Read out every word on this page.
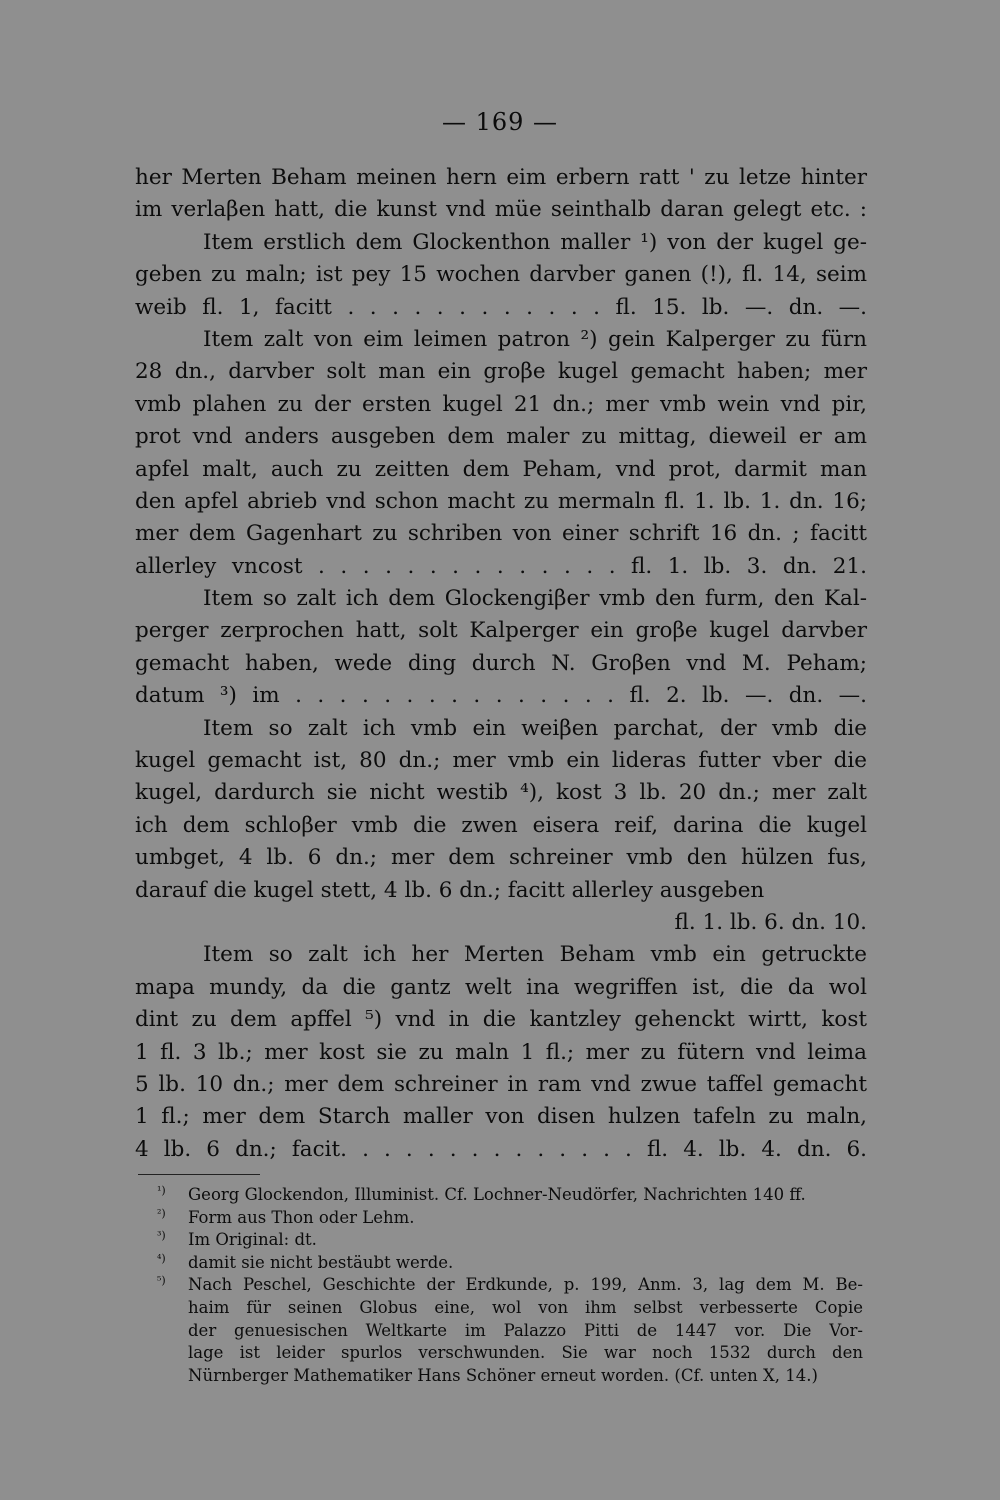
— 169 —
her Merten Beham meinen hern eim erbern ratt ' zu letze hinter
im verlaβen hatt, die kunst vnd müe seinthalb daran gelegt etc. :
Item erstlich dem Glockenthon maller ¹) von der kugel ge-
geben zu maln; ist pey 15 wochen darvber ganen (!), fl. 14, seim
weib fl. 1, facitt . . . . . . . . . . . . fl. 15. lb. —. dn. —.
Item zalt von eim leimen patron ²) gein Kalperger zu fürn
28 dn., darvber solt man ein groβe kugel gemacht haben; mer
vmb plahen zu der ersten kugel 21 dn.; mer vmb wein vnd pir,
prot vnd anders ausgeben dem maler zu mittag, dieweil er am
apfel malt, auch zu zeitten dem Peham, vnd prot, darmit man
den apfel abrieb vnd schon macht zu mermaln fl. 1. lb. 1. dn. 16;
mer dem Gagenhart zu schriben von einer schrift 16 dn. ; facitt
allerley vncost . . . . . . . . . . . . . . fl. 1. lb. 3. dn. 21.
Item so zalt ich dem Glockengiβer vmb den furm, den Kal-
perger zerprochen hatt, solt Kalperger ein groβe kugel darvber
gemacht haben, wede ding durch N. Groβen vnd M. Peham;
datum ³) im . . . . . . . . . . . . . . . fl. 2. lb. —. dn. —.
Item so zalt ich vmb ein weiβen parchat, der vmb die
kugel gemacht ist, 80 dn.; mer vmb ein lideras futter vber die
kugel, dardurch sie nicht westib ⁴), kost 3 lb. 20 dn.; mer zalt
ich dem schloβer vmb die zwen eisera reif, darina die kugel
umbget, 4 lb. 6 dn.; mer dem schreiner vmb den hülzen fus,
darauf die kugel stett, 4 lb. 6 dn.; facitt allerley ausgeben
fl. 1. lb. 6. dn. 10.
Item so zalt ich her Merten Beham vmb ein getruckte
mapa mundy, da die gantz welt ina wegriffen ist, die da wol
dint zu dem apffel ⁵) vnd in die kantzley gehenckt wirtt, kost
1 fl. 3 lb.; mer kost sie zu maln 1 fl.; mer zu fütern vnd leima
5 lb. 10 dn.; mer dem schreiner in ram vnd zwue taffel gemacht
1 fl.; mer dem Starch maller von disen hulzen tafeln zu maln,
4 lb. 6 dn.; facit. . . . . . . . . . . . . . fl. 4. lb. 4. dn. 6.
¹) Georg Glockendon, Illuminist. Cf. Lochner-Neudörfer, Nachrichten 140 ff.
²) Form aus Thon oder Lehm.
³) Im Original: dt.
⁴) damit sie nicht bestäubt werde.
⁵) Nach Peschel, Geschichte der Erdkunde, p. 199, Anm. 3, lag dem M. Be-
haim für seinen Globus eine, wol von ihm selbst verbesserte Copie
der genuesischen Weltkarte im Palazzo Pitti de 1447 vor. Die Vor-
lage ist leider spurlos verschwunden. Sie war noch 1532 durch den
Nürnberger Mathematiker Hans Schöner erneut worden. (Cf. unten X, 14.)
